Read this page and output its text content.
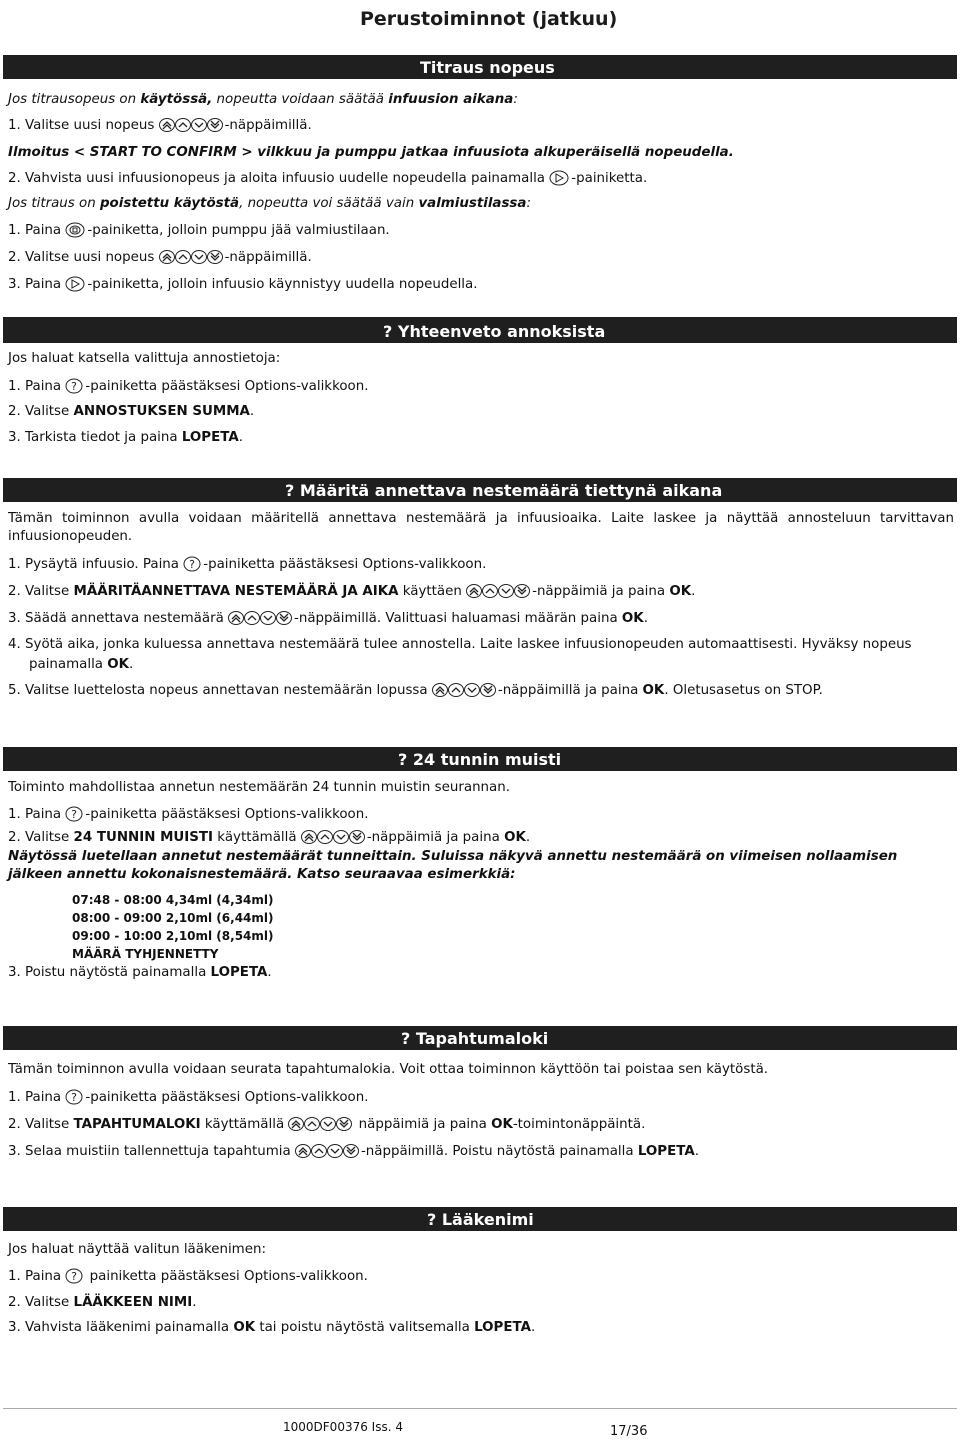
Perustoiminnot (jatkuu)
Titraus nopeus
Jos titrausopeus on käytössä, nopeutta voidaan säätää infuusion aikana:
1. Valitse uusi nopeus	-näppäimillä.
Ilmoitus < START TO CONFIRM > vilkkuu ja pumppu jatkaa infuusiota alkuperäisellä nopeudella.
2. Vahvista uusi infuusionopeus ja aloita infuusio uudelle nopeudella painamalla
-painiketta.
Jos titraus on poistettu käytöstä, nopeutta voi säätää vain valmiustilassa:
1. Paina
-painiketta, jolloin pumppu jää valmiustilaan.
2. Valitse uusi nopeus	-näppäimillä.
3. Paina
-painiketta, jolloin infuusio käynnistyy uudella nopeudella.
? Yhteenveto annoksista
Jos haluat katsella valittuja annostietoja:
1. Paina
-painiketta päästäksesi Options-valikkoon.
2. Valitse ANNOSTUKSEN SUMMA.
3. Tarkista tiedot ja paina LOPETA.
? Määritä annettava nestemäärä tiettynä aikana
Tämän toiminnon avulla voidaan määritellä annettava nestemäärä ja infuusioaika. Laite laskee ja näyttää annosteluun tarvittavan infuusionopeuden.
1. Pysäytä infuusio. Paina
-painiketta päästäksesi Options-valikkoon.
2. Valitse MÄÄRITÄANNETTAVA NESTEMÄÄRÄ JA AIKA käyttäen	-näppäimiä ja paina OK.
3. Säädä annettava nestemäärä	-näppäimillä. Valittuasi haluamasi määrän paina OK.
4. Syötä aika, jonka kuluessa annettava nestemäärä tulee annostella. Laite laskee infuusionopeuden automaattisesti. Hyväksy nopeus
painamalla OK.
5. Valitse luettelosta nopeus annettavan nestemäärän lopussa	-näppäimillä ja paina OK. Oletusasetus on STOP.
? 24 tunnin muisti
Toiminto mahdollistaa annetun nestemäärän 24 tunnin muistin seurannan.
1. Paina
-painiketta päästäksesi Options-valikkoon.
2. Valitse 24 TUNNIN MUISTI käyttämällä	-näppäimiä ja paina OK.
Näytössä luetellaan annetut nestemäärät tunneittain. Suluissa näkyvä annettu nestemäärä on viimeisen nollaamisen jälkeen annettu kokonaisnestemäärä. Katso seuraavaa esimerkkiä:
07:48 - 08:00 4,34ml (4,34ml)
08:00 - 09:00 2,10ml (6,44ml)
09:00 - 10:00 2,10ml (8,54ml)
MÄÄRÄ TYHJENNETTY
3. Poistu näytöstä painamalla LOPETA.
? Tapahtumaloki
Tämän toiminnon avulla voidaan seurata tapahtumalokia. Voit ottaa toiminnon käyttöön tai poistaa sen käytöstä.
1. Paina
-painiketta päästäksesi Options-valikkoon.
2. Valitse TAPAHTUMALOKI käyttämällä	näppäimiä ja paina OK-toimintonäppäintä.
3. Selaa muistiin tallennettuja tapahtumia	-näppäimillä. Poistu näytöstä painamalla LOPETA.
? Lääkenimi
Jos haluat näyttää valitun lääkenimen:
1. Paina
painiketta päästäksesi Options-valikkoon.
2. Valitse LÄÄKKEEN NIMI.
3. Vahvista lääkenimi painamalla OK tai poistu näytöstä valitsemalla LOPETA.
1000DF00376 Iss. 4	17/36
